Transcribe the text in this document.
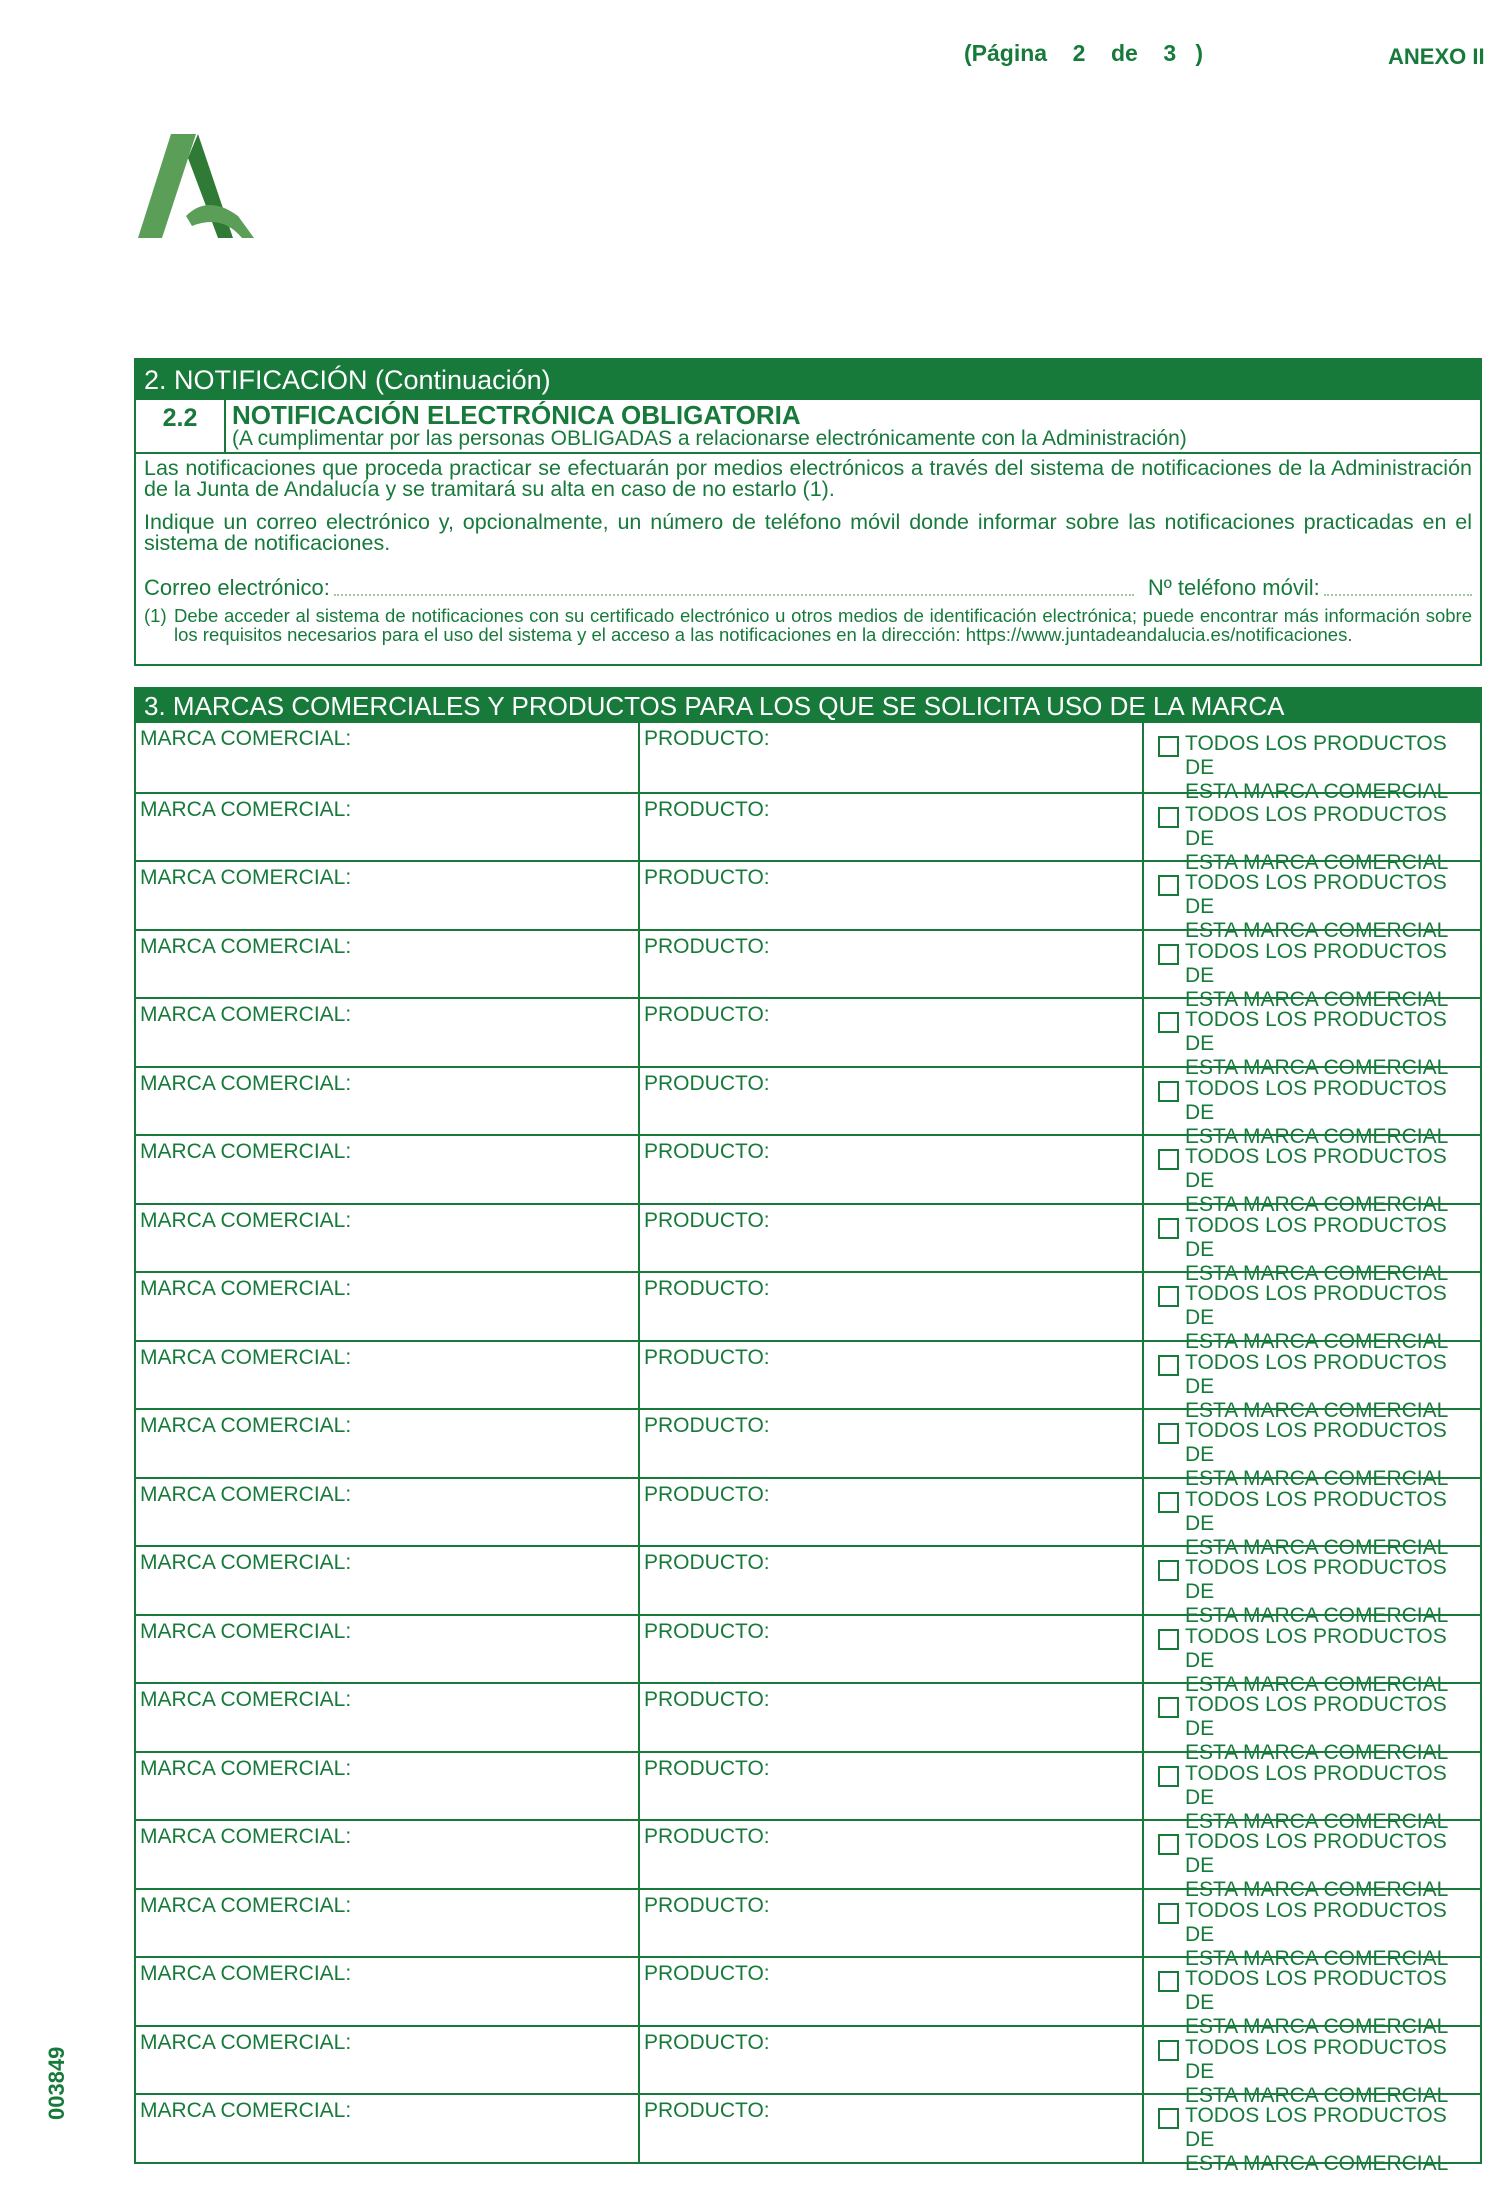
(Página 2 de 3 )	ANEXO II
003849
2. NOTIFICACIÓN (Continuación)
2.2	NOTIFICACIÓN ELECTRÓNICA OBLIGATORIA
(A cumplimentar por las personas OBLIGADAS a relacionarse electrónicamente con la Administración)

Las notificaciones que proceda practicar se efectuarán por medios electrónicos a través del sistema de notificaciones de la Administración de la Junta de Andalucía y se tramitará su alta en caso de no estarlo (1).

Indique un correo electrónico y, opcionalmente, un número de teléfono móvil donde informar sobre las notificaciones practicadas en el sistema de notificaciones.

Correo electrónico:	Nº teléfono móvil:
(1) Debe acceder al sistema de notificaciones con su certificado electrónico u otros medios de identificación electrónica; puede encontrar más información sobre los requisitos necesarios para el uso del sistema y el acceso a las notificaciones en la dirección: https://www.juntadeandalucia.es/notificaciones.
3. MARCAS COMERCIALES Y PRODUCTOS PARA LOS QUE SE SOLICITA USO DE LA MARCA
MARCA COMERCIAL:	PRODUCTO:	TODOS LOS PRODUCTOS DE
ESTA MARCA COMERCIAL
MARCA COMERCIAL:	PRODUCTO:	TODOS LOS PRODUCTOS DE
ESTA MARCA COMERCIAL
MARCA COMERCIAL:	PRODUCTO:	TODOS LOS PRODUCTOS DE
ESTA MARCA COMERCIAL
MARCA COMERCIAL:	PRODUCTO:	TODOS LOS PRODUCTOS DE
ESTA MARCA COMERCIAL
MARCA COMERCIAL:	PRODUCTO:	TODOS LOS PRODUCTOS DE
ESTA MARCA COMERCIAL
MARCA COMERCIAL:	PRODUCTO:	TODOS LOS PRODUCTOS DE
ESTA MARCA COMERCIAL
MARCA COMERCIAL:	PRODUCTO:	TODOS LOS PRODUCTOS DE
ESTA MARCA COMERCIAL
MARCA COMERCIAL:	PRODUCTO:	TODOS LOS PRODUCTOS DE
ESTA MARCA COMERCIAL
MARCA COMERCIAL:	PRODUCTO:	TODOS LOS PRODUCTOS DE
ESTA MARCA COMERCIAL
MARCA COMERCIAL:	PRODUCTO:	TODOS LOS PRODUCTOS DE
ESTA MARCA COMERCIAL
MARCA COMERCIAL:	PRODUCTO:	TODOS LOS PRODUCTOS DE
ESTA MARCA COMERCIAL
MARCA COMERCIAL:	PRODUCTO:	TODOS LOS PRODUCTOS DE
ESTA MARCA COMERCIAL
MARCA COMERCIAL:	PRODUCTO:	TODOS LOS PRODUCTOS DE
ESTA MARCA COMERCIAL
MARCA COMERCIAL:	PRODUCTO:	TODOS LOS PRODUCTOS DE
ESTA MARCA COMERCIAL
MARCA COMERCIAL:	PRODUCTO:	TODOS LOS PRODUCTOS DE
ESTA MARCA COMERCIAL
MARCA COMERCIAL:	PRODUCTO:	TODOS LOS PRODUCTOS DE
ESTA MARCA COMERCIAL
MARCA COMERCIAL:	PRODUCTO:	TODOS LOS PRODUCTOS DE
ESTA MARCA COMERCIAL
MARCA COMERCIAL:	PRODUCTO:	TODOS LOS PRODUCTOS DE
ESTA MARCA COMERCIAL
MARCA COMERCIAL:	PRODUCTO:	TODOS LOS PRODUCTOS DE
ESTA MARCA COMERCIAL
MARCA COMERCIAL:	PRODUCTO:	TODOS LOS PRODUCTOS DE
ESTA MARCA COMERCIAL
MARCA COMERCIAL:	PRODUCTO:	TODOS LOS PRODUCTOS DE
ESTA MARCA COMERCIAL
